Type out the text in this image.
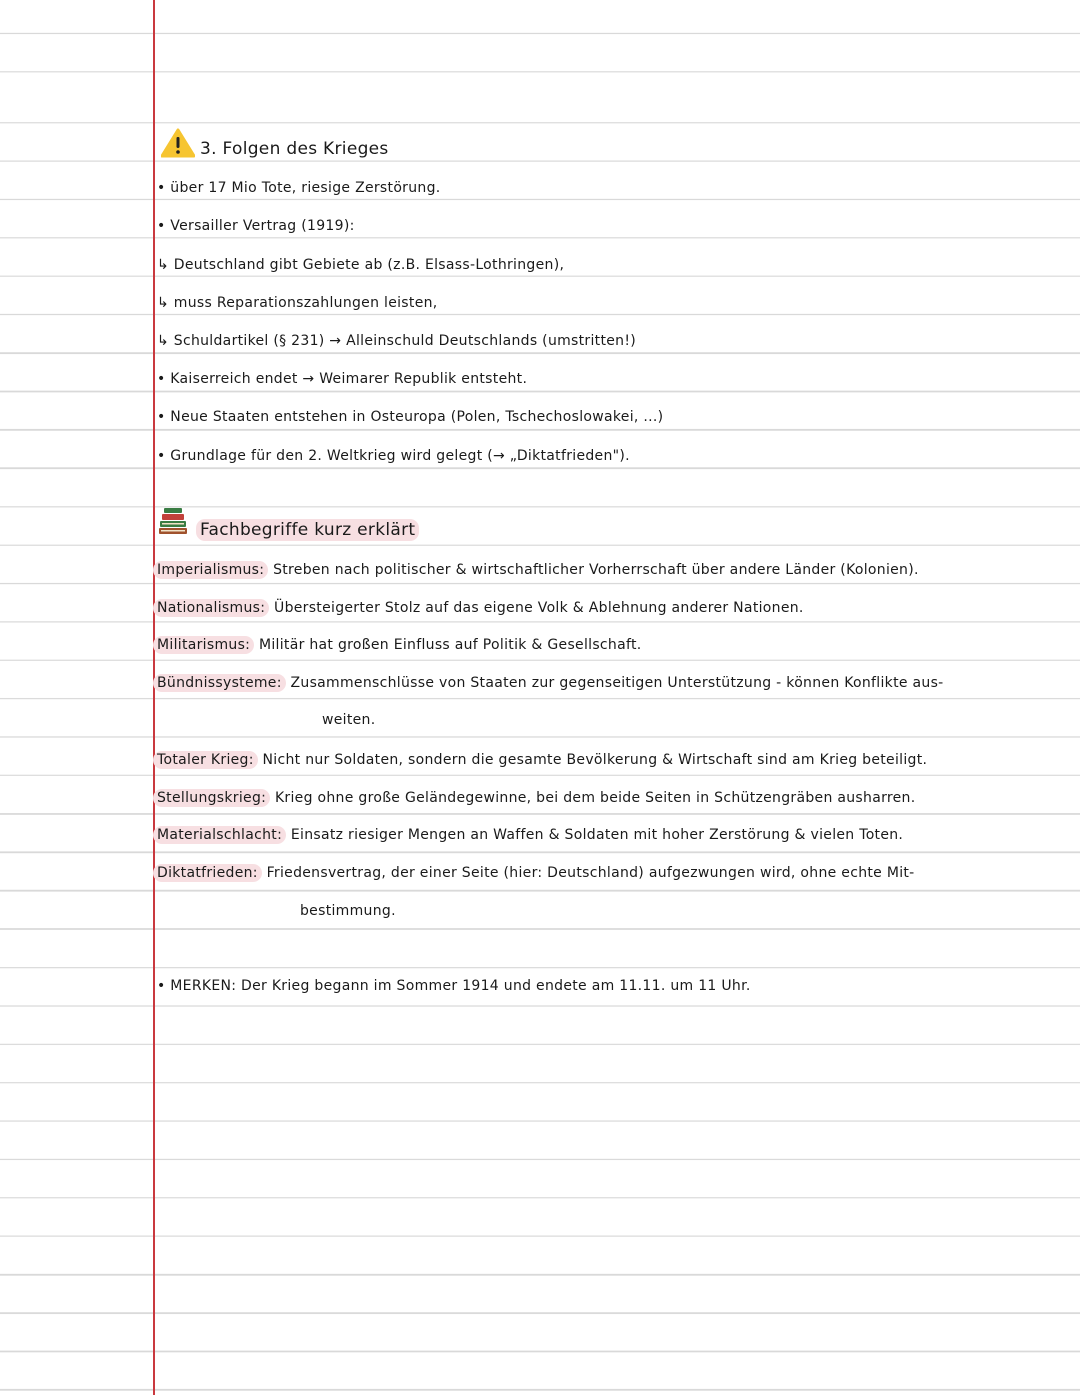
3. Folgen des Krieges
• über 17 Mio Tote, riesige Zerstörung.
• Versailler Vertrag (1919):
↳ Deutschland gibt Gebiete ab (z.B. Elsass-Lothringen),
↳ muss Reparationszahlungen leisten,
↳ Schuldartikel (§ 231) → Alleinschuld Deutschlands (umstritten!)
• Kaiserreich endet → Weimarer Republik entsteht.
• Neue Staaten entstehen in Osteuropa (Polen, Tschechoslowakei, ...)
• Grundlage für den 2. Weltkrieg wird gelegt (→ „Diktatfrieden").
Fachbegriffe kurz erklärt
Imperialismus: Streben nach politischer & wirtschaftlicher Vorherrschaft über andere Länder (Kolonien).
Nationalismus: Übersteigerter Stolz auf das eigene Volk & Ablehnung anderer Nationen.
Militarismus: Militär hat großen Einfluss auf Politik & Gesellschaft.
Bündnissysteme: Zusammenschlüsse von Staaten zur gegenseitigen Unterstützung - können Konflikte aus-
weiten.
Totaler Krieg: Nicht nur Soldaten, sondern die gesamte Bevölkerung & Wirtschaft sind am Krieg beteiligt.
Stellungskrieg: Krieg ohne große Geländegewinne, bei dem beide Seiten in Schützengräben ausharren.
Materialschlacht: Einsatz riesiger Mengen an Waffen & Soldaten mit hoher Zerstörung & vielen Toten.
Diktatfrieden: Friedensvertrag, der einer Seite (hier: Deutschland) aufgezwungen wird, ohne echte Mit-
bestimmung.
• MERKEN: Der Krieg begann im Sommer 1914 und endete am 11.11. um 11 Uhr.
